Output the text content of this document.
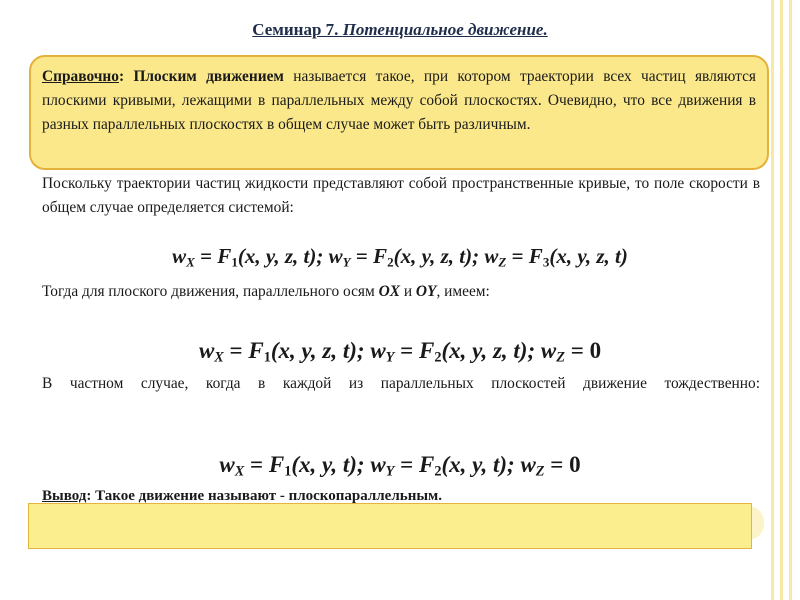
Семинар 7. Потенциальное движение.
Справочно: Плоским движением называется такое, при котором траектории всех частиц являются плоскими кривыми, лежащими в параллельных между собой плоскостях. Очевидно, что все движения в разных параллельных плоскостях в общем случае может быть различным.
Поскольку траектории частиц жидкости представляют собой пространственные кривые, то поле скорости в общем случае определяется системой:
$w_X = F_1(x$, y, z, t); $w_Y = F_2(x$, y, z, t); $w_Z = F_3(x$, y, z, t)
Тогда для плоского движения, параллельного осям OX и OY, имеем:
$w_X = F_1(x$, y, z, t); $w_Y = F_2(x$, y, z, t); $w_Z = 0$
В частном случае, когда в каждой из параллельных плоскостей движение тождественно:
$w_X = F_1(x$, y, t); $w_Y = F_2(x$, y, t); $w_Z = 0$
Вывод: Такое движение называют - плоскопараллельным.
